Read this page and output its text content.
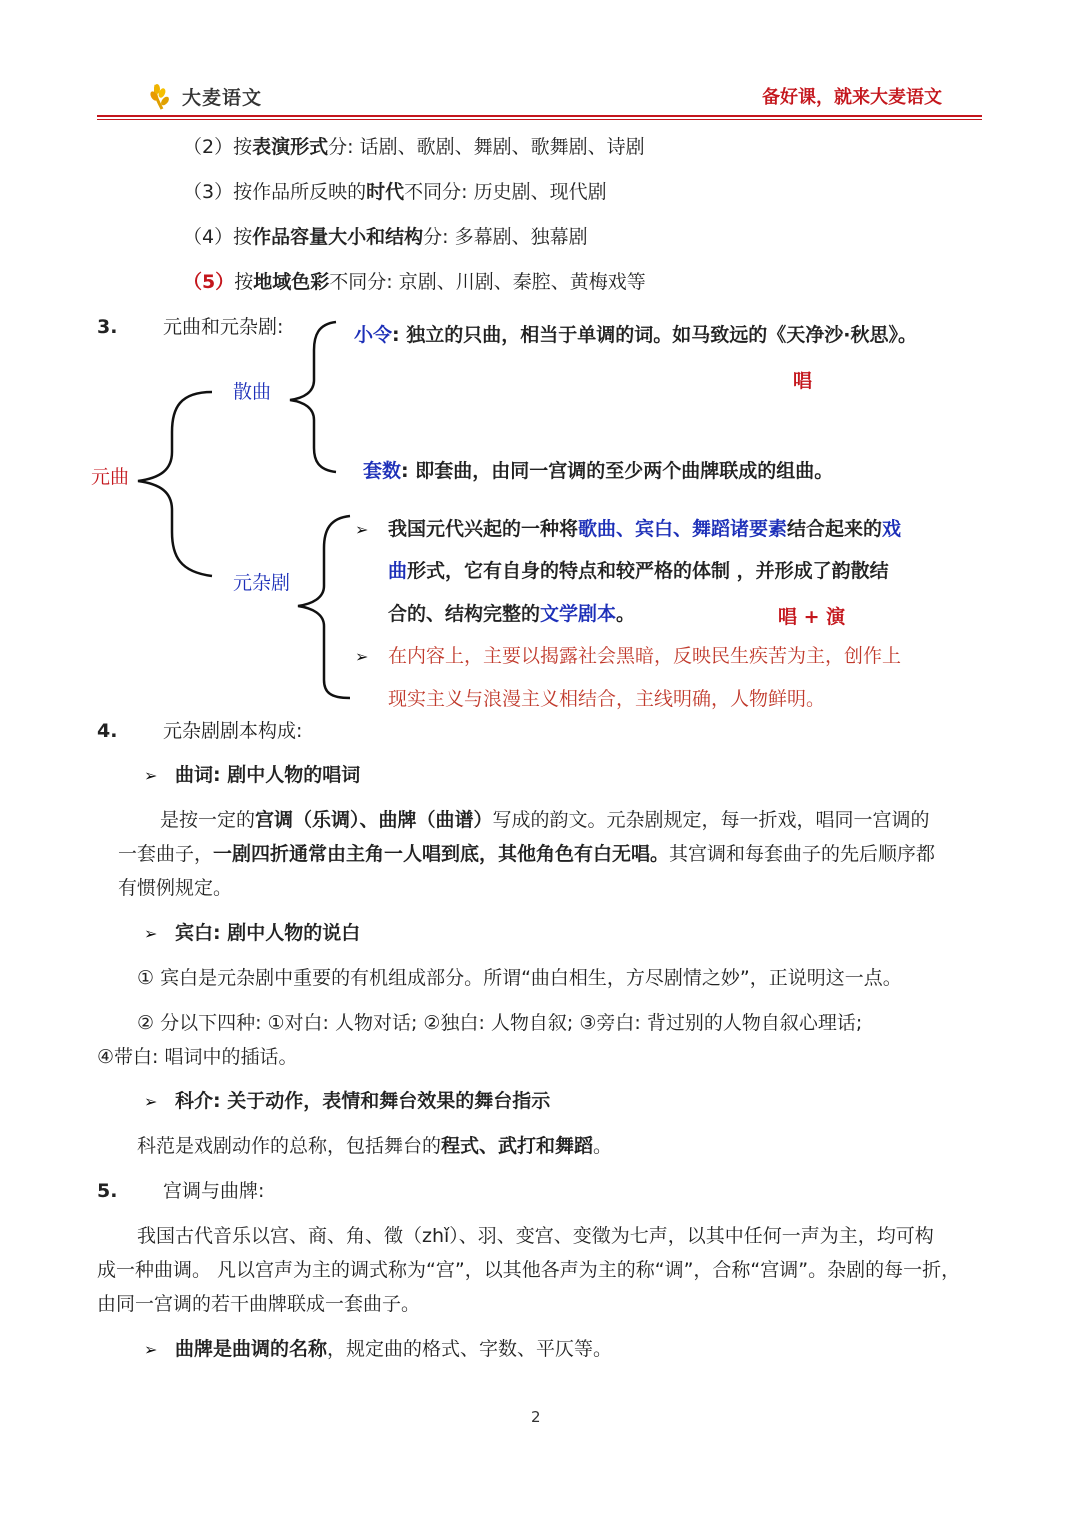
大麦语文	备好课，就来大麦语文
（2）按表演形式分: 话剧、歌剧、舞剧、歌舞剧、诗剧
（3）按作品所反映的时代不同分: 历史剧、现代剧
（4）按作品容量大小和结构分: 多幕剧、独幕剧
（5）按地域色彩不同分: 京剧、川剧、秦腔、黄梅戏等
3. 元曲和元杂剧:
元曲
散曲
元杂剧
小令: 独立的只曲，相当于单调的词。如马致远的《天净沙·秋思》。
唱
套数: 即套曲，由同一宫调的至少两个曲牌联成的组曲。
➢ 我国元代兴起的一种将歌曲、宾白、舞蹈诸要素结合起来的戏
曲形式，它有自身的特点和较严格的体制 ，并形成了韵散结
合的、结构完整的文学剧本。	唱 + 演
➢ 在内容上，主要以揭露社会黑暗，反映民生疾苦为主，创作上
现实主义与浪漫主义相结合，主线明确，人物鲜明。
4. 元杂剧剧本构成:
➢ 曲词: 剧中人物的唱词
是按一定的宫调（乐调）、曲牌（曲谱）写成的韵文。元杂剧规定，每一折戏，唱同一宫调的
一套曲子，一剧四折通常由主角一人唱到底，其他角色有白无唱。其宫调和每套曲子的先后顺序都
有惯例规定。
➢ 宾白: 剧中人物的说白
① 宾白是元杂剧中重要的有机组成部分。所谓“曲白相生，方尽剧情之妙”，正说明这一点。
② 分以下四种: ①对白: 人物对话; ②独白: 人物自叙; ③旁白: 背过别的人物自叙心理话;
④带白: 唱词中的插话。
➢ 科介: 关于动作，表情和舞台效果的舞台指示
科范是戏剧动作的总称，包括舞台的程式、武打和舞蹈。
5. 宫调与曲牌:
我国古代音乐以宫、商、角、徵（zhǐ）、羽、变宫、变徵为七声，以其中任何一声为主，均可构
成一种曲调。 凡以宫声为主的调式称为“宫”，以其他各声为主的称“调”，合称“宫调”。杂剧的每一折，
由同一宫调的若干曲牌联成一套曲子。
➢ 曲牌是曲调的名称，规定曲的格式、字数、平仄等。
2
